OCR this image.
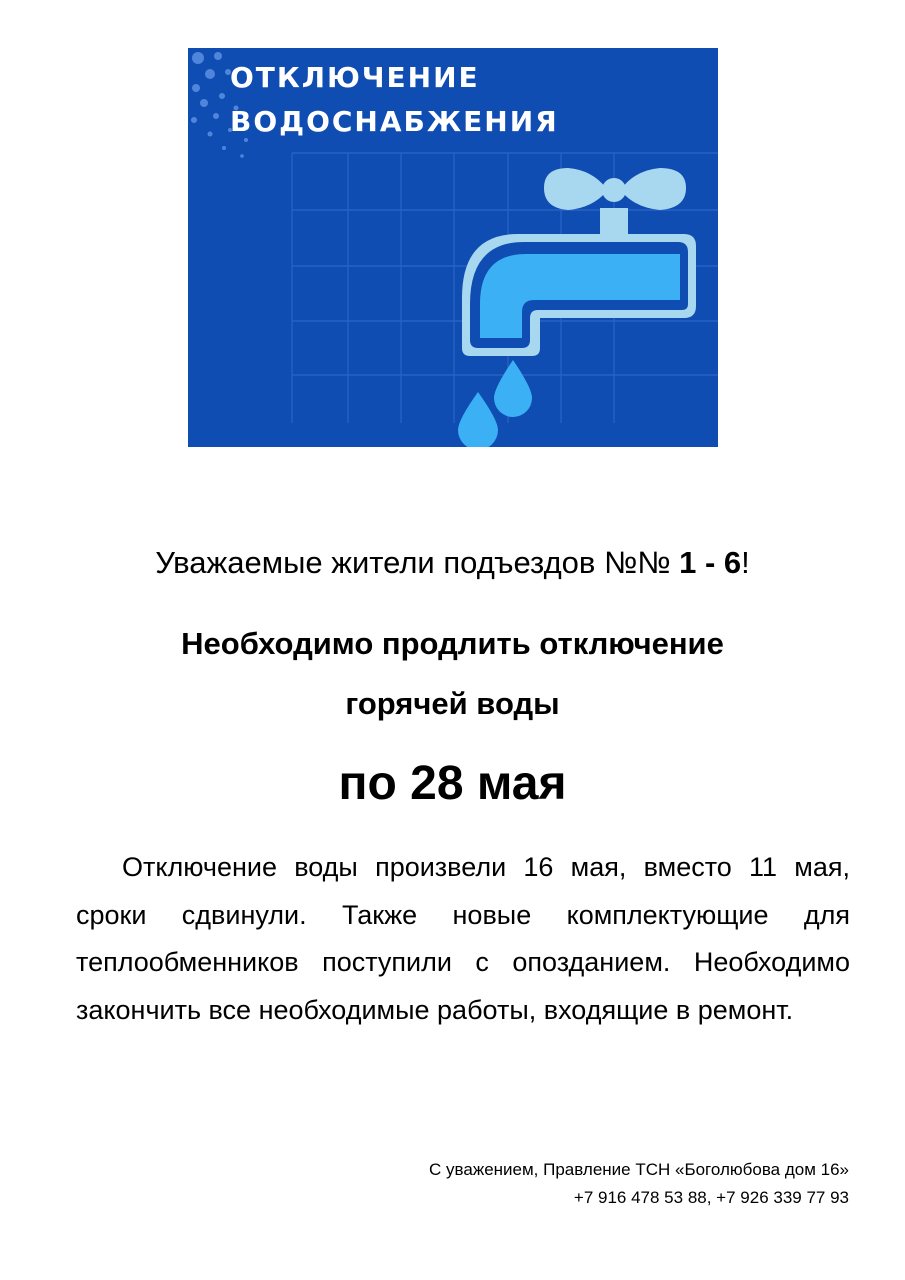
ОТКЛЮЧЕНИЕ
ВОДОСНАБЖЕНИЯ
Уважаемые жители подъездов №№ 1 - 6!
Необходимо продлить отключение
горячей воды
по 28 мая
Отключение воды произвели 16 мая, вместо 11 мая, сроки сдвинули. Также новые комплектующие для теплообменников поступили с опозданием. Необходимо закончить все необходимые работы, входящие в ремонт.
С уважением, Правление ТСН «Боголюбова дом 16»
+7 916 478 53 88, +7 926 339 77 93
